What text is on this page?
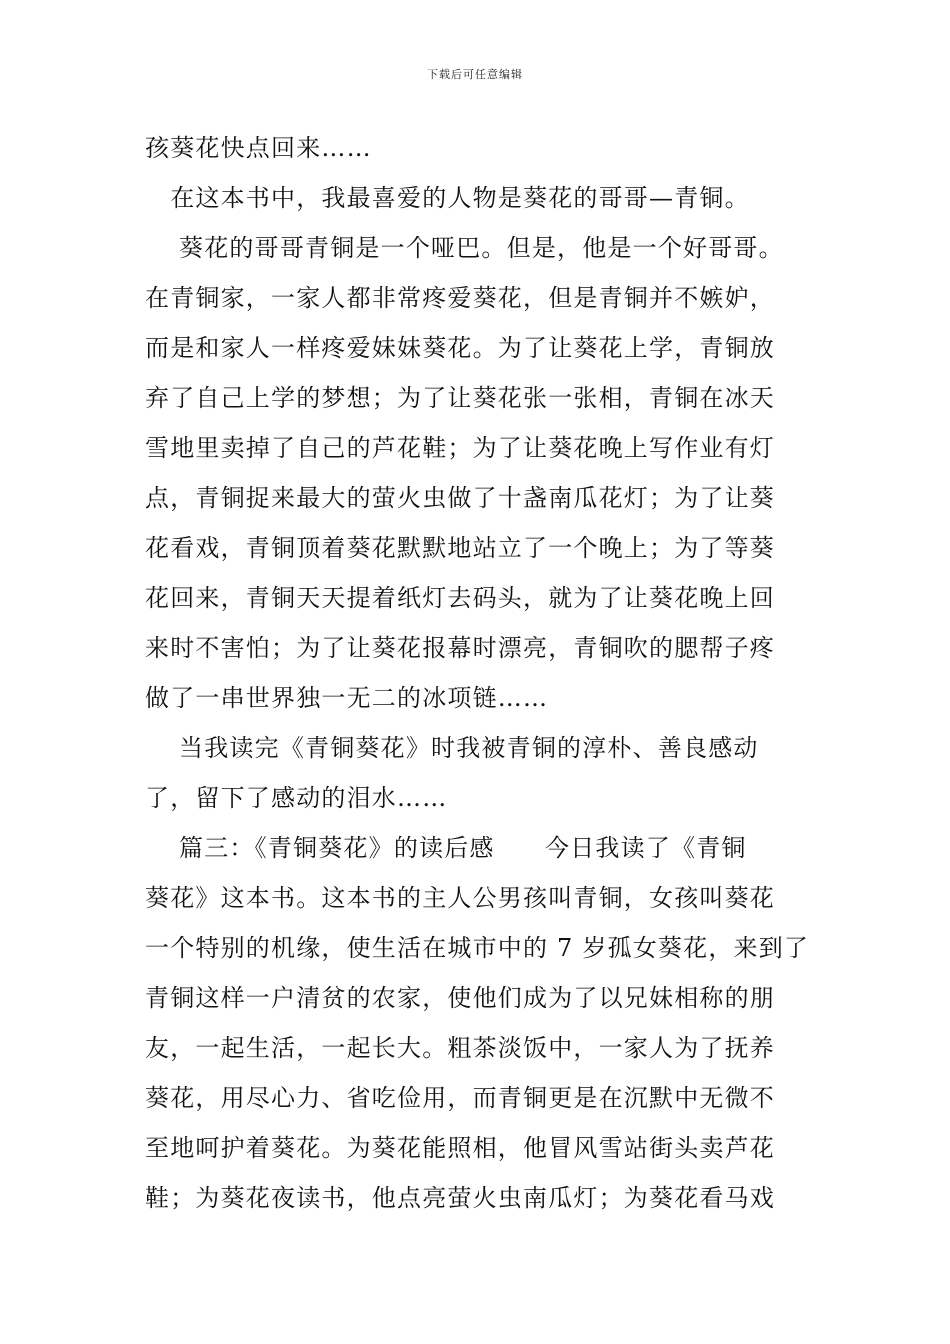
下载后可任意编辑
孩葵花快点回来……
　在这本书中，我最喜爱的人物是葵花的哥哥—青铜。
　 葵花的哥哥青铜是一个哑巴。但是，他是一个好哥哥。
在青铜家，一家人都非常疼爱葵花，但是青铜并不嫉妒，
而是和家人一样疼爱妹妹葵花。为了让葵花上学，青铜放
弃了自己上学的梦想；为了让葵花张一张相，青铜在冰天
雪地里卖掉了自己的芦花鞋；为了让葵花晚上写作业有灯
点，青铜捉来最大的萤火虫做了十盏南瓜花灯；为了让葵
花看戏，青铜顶着葵花默默地站立了一个晚上；为了等葵
花回来，青铜天天提着纸灯去码头，就为了让葵花晚上回
来时不害怕；为了让葵花报幕时漂亮，青铜吹的腮帮子疼
做了一串世界独一无二的冰项链……
　 当我读完《青铜葵花》时我被青铜的淳朴、善良感动
了，留下了感动的泪水……
　 篇三：《青铜葵花》的读后感　　今日我读了《青铜
葵花》这本书。这本书的主人公男孩叫青铜，女孩叫葵花
一个特别的机缘，使生活在城市中的 7 岁孤女葵花，来到了
青铜这样一户清贫的农家，使他们成为了以兄妹相称的朋
友，一起生活，一起长大。粗茶淡饭中，一家人为了抚养
葵花，用尽心力、省吃俭用，而青铜更是在沉默中无微不
至地呵护着葵花。为葵花能照相，他冒风雪站街头卖芦花
鞋；为葵花夜读书，他点亮萤火虫南瓜灯；为葵花看马戏
